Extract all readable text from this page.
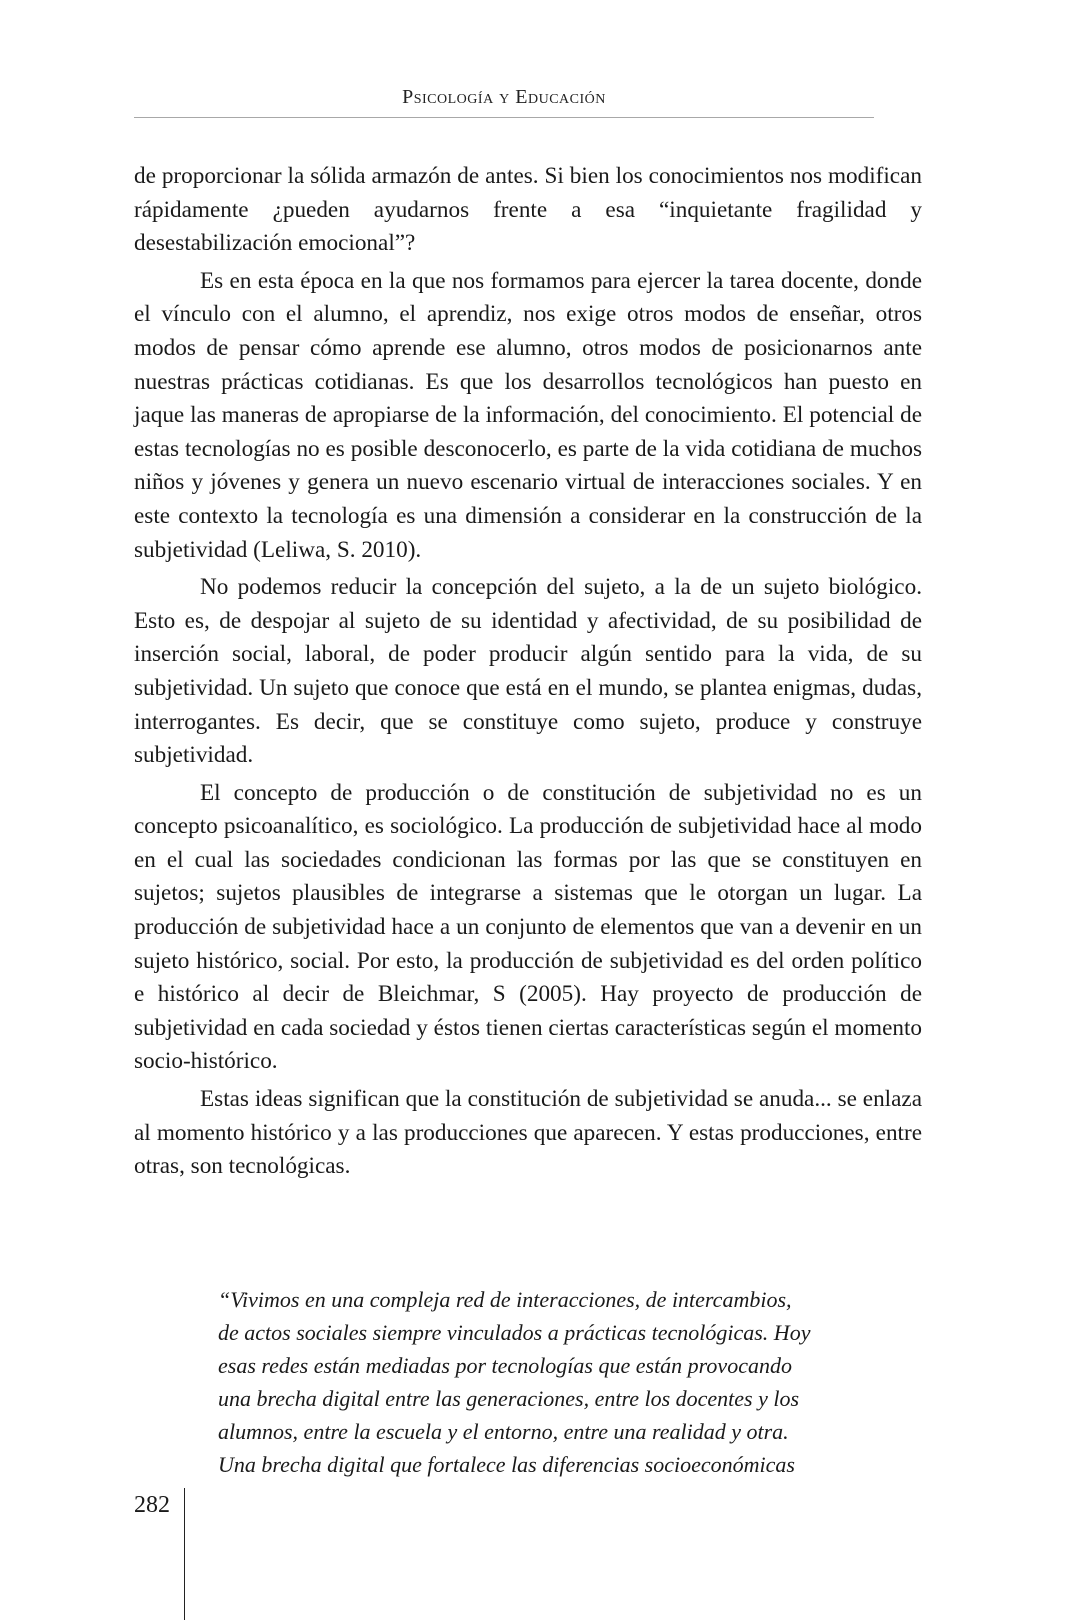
Psicología y Educación

de proporcionar la sólida armazón de antes. Si bien los conocimientos nos modifican rápidamente ¿pueden ayudarnos frente a esa “inquietante fragilidad y desestabilización emocional”?

Es en esta época en la que nos formamos para ejercer la tarea docente, donde el vínculo con el alumno, el aprendiz, nos exige otros modos de enseñar, otros modos de pensar cómo aprende ese alumno, otros modos de posicionarnos ante nuestras prácticas cotidianas. Es que los desarrollos tecnológicos han puesto en jaque las maneras de apropiarse de la información, del conocimiento. El potencial de estas tecnologías no es posible desconocerlo, es parte de la vida cotidiana de muchos niños y jóvenes y genera un nuevo escenario virtual de interacciones sociales. Y en este contexto la tecnología es una dimensión a considerar en la construcción de la subjetividad (Leliwa, S. 2010).

No podemos reducir la concepción del sujeto, a la de un sujeto biológico. Esto es, de despojar al sujeto de su identidad y afectividad, de su posibilidad de inserción social, laboral, de poder producir algún sentido para la vida, de su subjetividad. Un sujeto que conoce que está en el mundo, se plantea enigmas, dudas, interrogantes. Es decir, que se constituye como sujeto, produce y construye subjetividad.

El concepto de producción o de constitución de subjetividad no es un concepto psicoanalítico, es sociológico. La producción de subjetividad hace al modo en el cual las sociedades condicionan las formas por las que se constituyen en sujetos; sujetos plausibles de integrarse a sistemas que le otorgan un lugar. La producción de subjetividad hace a un conjunto de elementos que van a devenir en un sujeto histórico, social. Por esto, la producción de subjetividad es del orden político e histórico al decir de Bleichmar, S (2005). Hay proyecto de producción de subjetividad en cada sociedad y éstos tienen ciertas características según el momento socio-histórico.

Estas ideas significan que la constitución de subjetividad se anuda... se enlaza al momento histórico y a las producciones que aparecen. Y estas producciones, entre otras, son tecnológicas.

“Vivimos en una compleja red de interacciones, de intercambios,
de actos sociales siempre vinculados a prácticas tecnológicas. Hoy
esas redes están mediadas por tecnologías que están provocando
una brecha digital entre las generaciones, entre los docentes y los
alumnos, entre la escuela y el entorno, entre una realidad y otra.
Una brecha digital que fortalece las diferencias socioeconómicas
282
